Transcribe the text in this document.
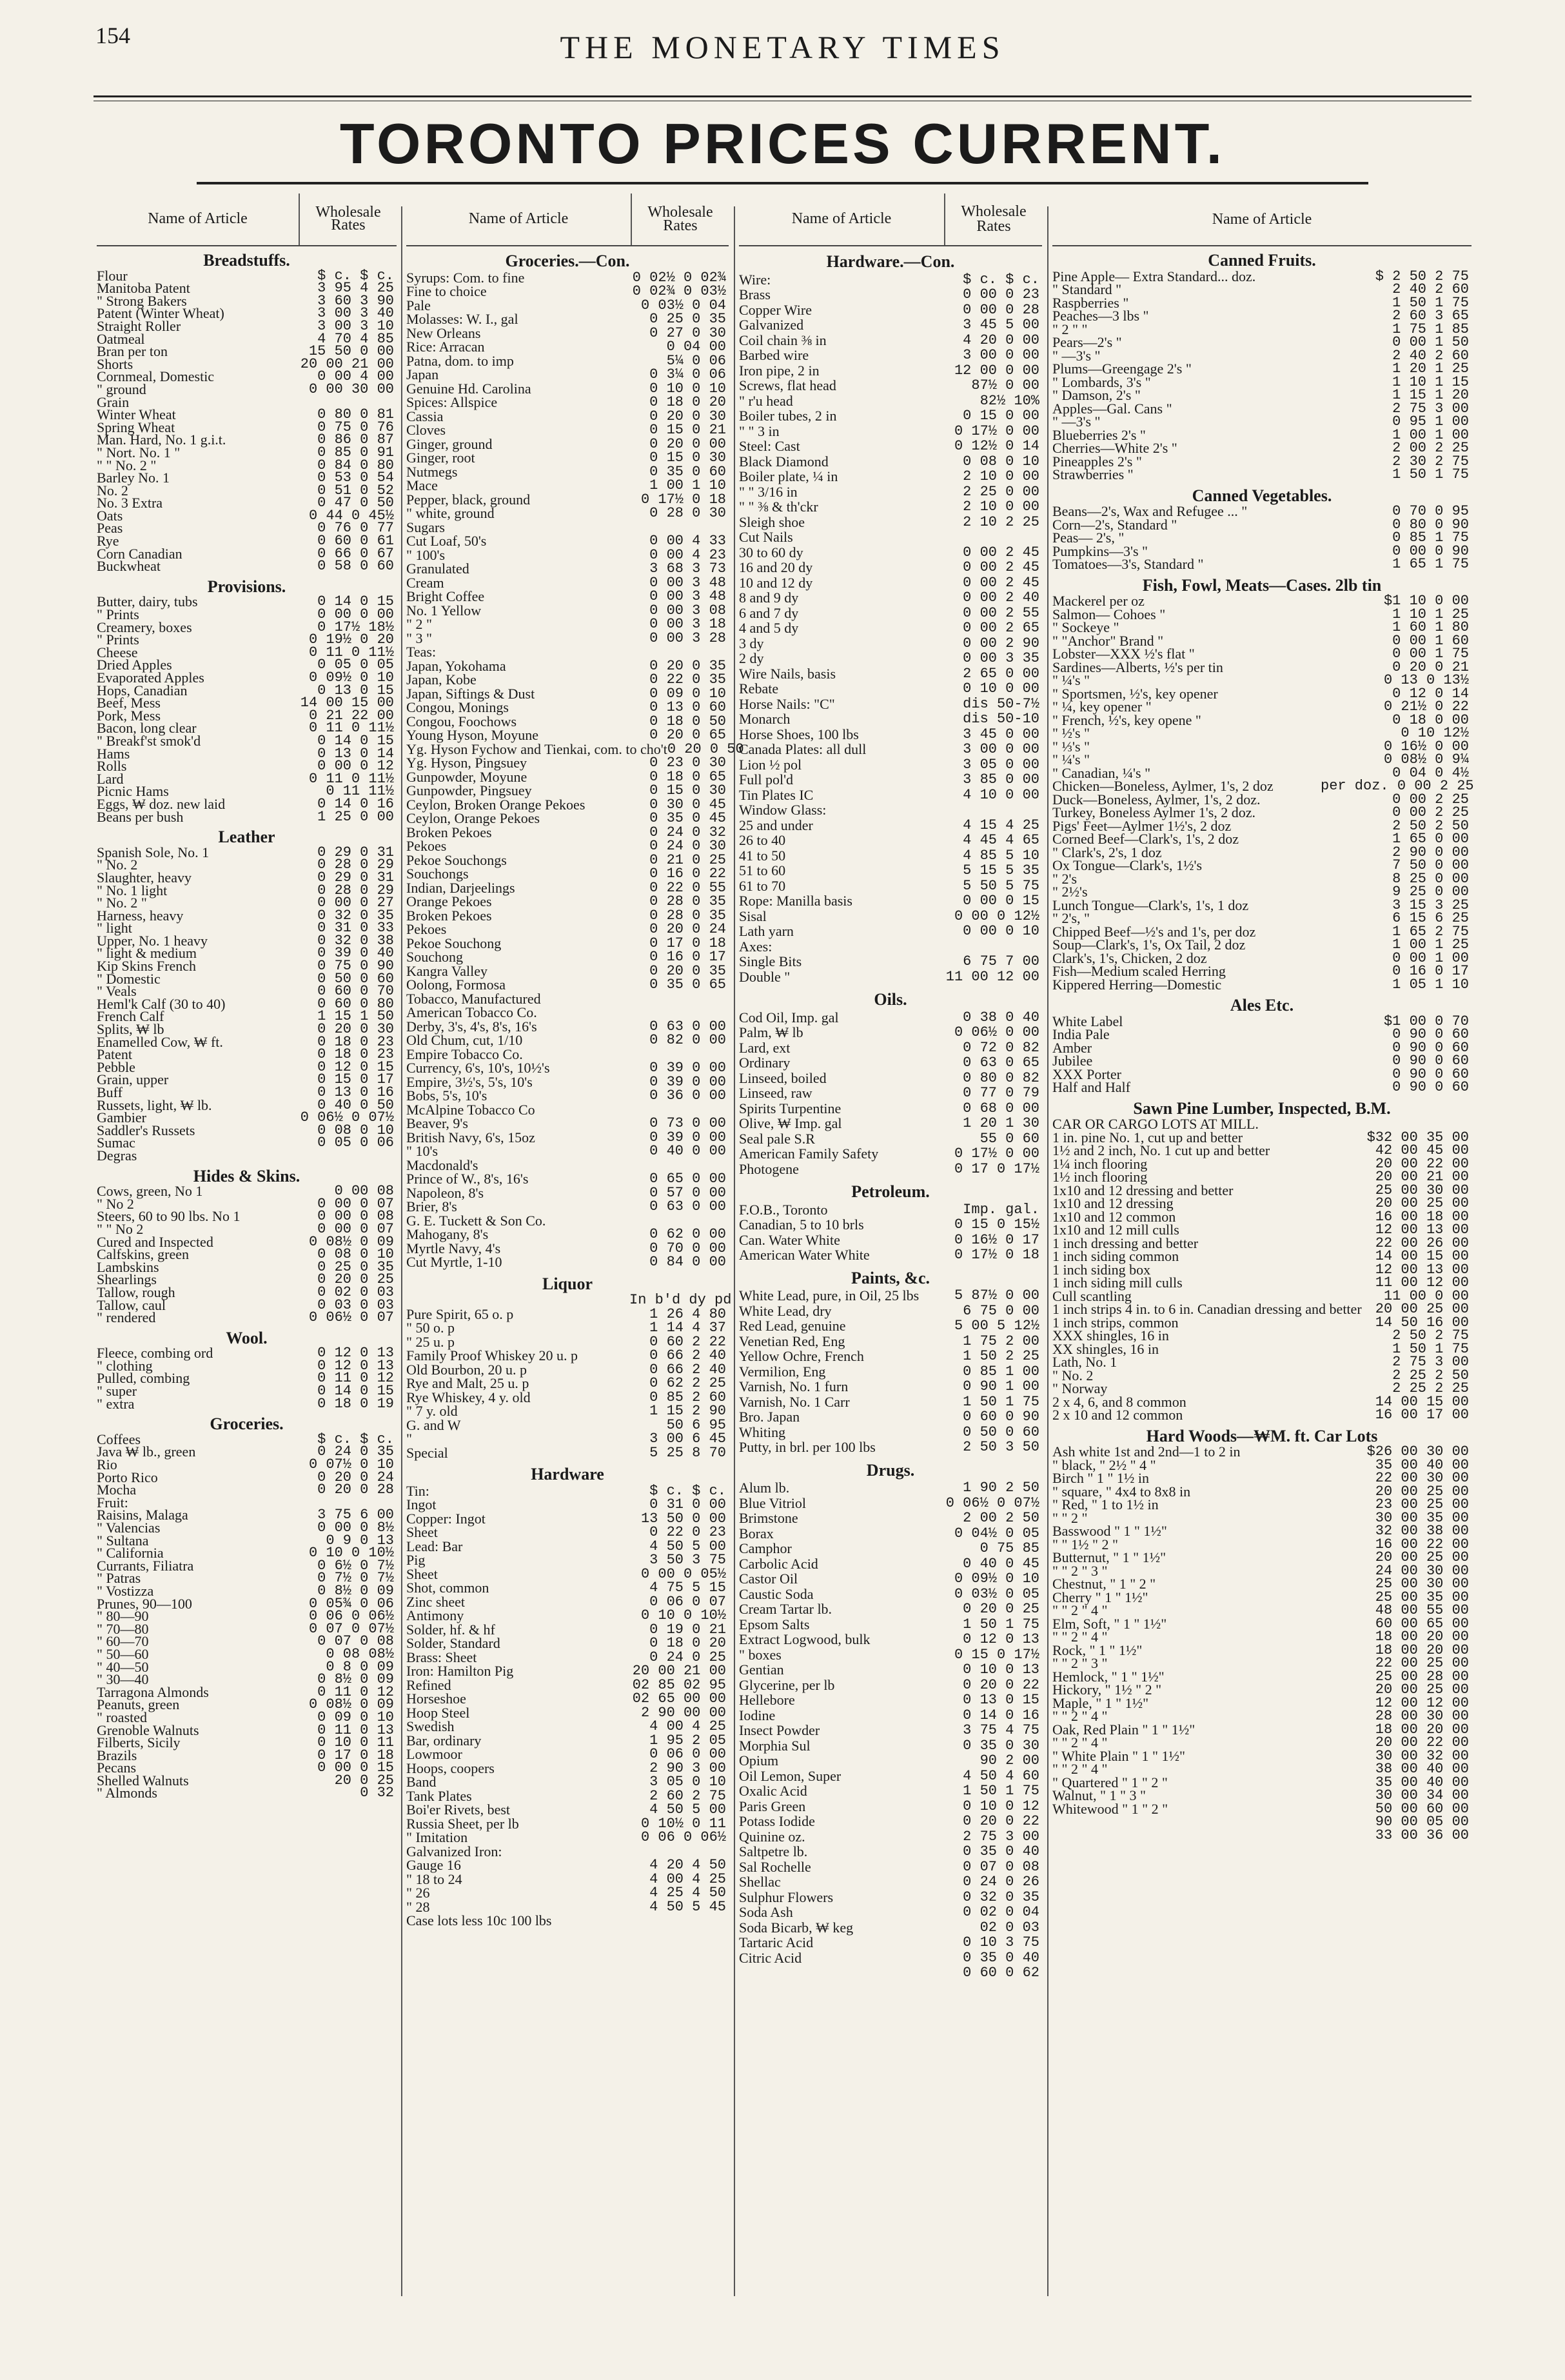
154	THE MONETARY TIMES
TORONTO PRICES CURRENT.
Name of Article	Wholesale Rates
Breadstuffs.
Flour	$ c. $ c.
Manitoba Patent	3 95 4 25
" Strong Bakers	3 60 3 90
Patent (Winter Wheat)	3 00 3 40
Straight Roller	3 00 3 10
Oatmeal	4 70 4 85
Bran per ton	15 50 0 00
Shorts	20 00 21 00
Cornmeal, Domestic	0 00 4 00
" ground	0 00 30 00
Grain
Winter Wheat	0 80 0 81
Spring Wheat	0 75 0 76
Man. Hard, No. 1 g.i.t.	0 86 0 87
" Nort. No. 1 "	0 85 0 91
" " No. 2 "	0 84 0 80
Barley No. 1	0 53 0 54
No. 2	0 51 0 52
No. 3 Extra	0 47 0 50
Oats	0 44 0 45½
Peas	0 76 0 77
Rye	0 60 0 61
Corn Canadian	0 66 0 67
Buckwheat	0 58 0 60
Provisions.
Butter, dairy, tubs	0 14 0 15
" Prints	0 00 0 00
Creamery, boxes	0 17½ 18½
" Prints	0 19½ 0 20
Cheese	0 11 0 11½
Dried Apples	0 05 0 05
Evaporated Apples	0 09½ 0 10
Hops, Canadian	0 13 0 15
Beef, Mess	14 00 15 00
Pork, Mess	0 21 22 00
Bacon, long clear	0 11 0 11½
" Breakf'st smok'd	0 14 0 15
Hams	0 13 0 14
Rolls	0 00 0 12
Lard	0 11 0 11½
Picnic Hams	0 11 11½
Eggs, ₩ doz. new laid	0 14 0 16
Beans per bush	1 25 0 00
Leather
Spanish Sole, No. 1	0 29 0 31
" No. 2	0 28 0 29
Slaughter, heavy	0 29 0 31
" No. 1 light	0 28 0 29
" No. 2 "	0 00 0 27
Harness, heavy	0 32 0 35
" light	0 31 0 33
Upper, No. 1 heavy	0 32 0 38
" light & medium	0 39 0 40
Kip Skins French	0 75 0 90
" Domestic	0 50 0 60
" Veals	0 60 0 70
Heml'k Calf (30 to 40)	0 60 0 80
French Calf	1 15 1 50
Splits, ₩ lb	0 20 0 30
Enamelled Cow, ₩ ft.	0 18 0 23
Patent	0 18 0 23
Pebble	0 12 0 15
Grain, upper	0 15 0 17
Buff	0 13 0 16
Russets, light, ₩ lb.	0 40 0 50
Gambier	0 06½ 0 07½
Saddler's Russets	0 08 0 10
Sumac	0 05 0 06
Degras
Hides & Skins.
Cows, green, No 1	0 00 08
" No 2	0 00 0 07
Steers, 60 to 90 lbs. No 1	0 00 0 08
" " No 2	0 00 0 07
Cured and Inspected	0 08½ 0 09
Calfskins, green	0 08 0 10
Lambskins	0 25 0 35
Shearlings	0 20 0 25
Tallow, rough	0 02 0 03
Tallow, caul	0 03 0 03
" rendered	0 06½ 0 07
Wool.
Fleece, combing ord	0 12 0 13
" clothing	0 12 0 13
Pulled, combing	0 11 0 12
" super	0 14 0 15
" extra	0 18 0 19
Groceries.
Coffees	$ c. $ c.
Java ₩ lb., green	0 24 0 35
Rio	0 07½ 0 10
Porto Rico	0 20 0 24
Mocha	0 20 0 28
Fruit:
Raisins, Malaga	3 75 6 00
" Valencias	0 00 0 8½
" Sultana	0 9 0 13
" California	0 10 0 10½
Currants, Filiatra	0 6½ 0 7½
" Patras	0 7½ 0 7½
" Vostizza	0 8½ 0 09
Prunes, 90—100	0 05¾ 0 06
" 80—90	0 06 0 06½
" 70—80	0 07 0 07½
" 60—70	0 07 0 08
" 50—60	0 08 08½
" 40—50	0 8 0 09
" 30—40	0 8½ 0 09
Tarragona Almonds	0 11 0 12
Peanuts, green	0 08½ 0 09
" roasted	0 09 0 10
Grenoble Walnuts	0 11 0 13
Filberts, Sicily	0 10 0 11
Brazils	0 17 0 18
Pecans	0 00 0 15
Shelled Walnuts	20 0 25
" Almonds	0 32
Name of Article	Wholesale Rates
Groceries.—Con.
Syrups: Com. to fine	0 02½ 0 02¾
Fine to choice	0 02¾ 0 03½
Pale	0 03½ 0 04
Molasses: W. I., gal	0 25 0 35
New Orleans	0 27 0 30
Rice: Arracan	0 04 00
Patna, dom. to imp	5¼ 0 06
Japan	0 3¼ 0 06
Genuine Hd. Carolina	0 10 0 10
Spices: Allspice	0 18 0 20
Cassia	0 20 0 30
Cloves	0 15 0 21
Ginger, ground	0 20 0 00
Ginger, root	0 15 0 30
Nutmegs	0 35 0 60
Mace	1 00 1 10
Pepper, black, ground	0 17½ 0 18
" white, ground	0 28 0 30
Sugars
Cut Loaf, 50's	0 00 4 33
" 100's	0 00 4 23
Granulated	3 68 3 73
Cream	0 00 3 48
Bright Coffee	0 00 3 48
No. 1 Yellow	0 00 3 08
" 2 "	0 00 3 18
" 3 "	0 00 3 28
Teas:
Japan, Yokohama	0 20 0 35
Japan, Kobe	0 22 0 35
Japan, Siftings & Dust	0 09 0 10
Congou, Monings	0 13 0 60
Congou, Foochows	0 18 0 50
Young Hyson, Moyune	0 20 0 65
Yg. Hyson Fychow and Tienkai, com. to cho't 0 20 0 50
Yg. Hyson, Pingsuey	0 23 0 30
Gunpowder, Moyune	0 18 0 65
Gunpowder, Pingsuey	0 15 0 30
Ceylon, Broken Orange Pekoes	0 30 0 45
Ceylon, Orange Pekoes	0 35 0 45
Broken Pekoes	0 24 0 32
Pekoes	0 24 0 30
Pekoe Souchongs	0 21 0 25
Souchongs	0 16 0 22
Indian, Darjeelings	0 22 0 55
Orange Pekoes	0 28 0 35
Broken Pekoes	0 28 0 35
Pekoes	0 20 0 24
Pekoe Souchong	0 17 0 18
Souchong	0 16 0 17
Kangra Valley	0 20 0 35
Oolong, Formosa	0 35 0 65
Tobacco, Manufactured
American Tobacco Co.
Derby, 3's, 4's, 8's, 16's	0 63 0 00
Old Chum, cut, 1/10	0 82 0 00
Empire Tobacco Co.
Currency, 6's, 10's, 10½'s	0 39 0 00
Empire, 3½'s, 5's, 10's	0 39 0 00
Bobs, 5's, 10's	0 36 0 00
McAlpine Tobacco Co
Beaver, 9's	0 73 0 00
British Navy, 6's, 15oz	0 39 0 00
" 10's	0 40 0 00
Macdonald's
Prince of W., 8's, 16's	0 65 0 00
Napoleon, 8's	0 57 0 00
Brier, 8's	0 63 0 00
G. E. Tuckett & Son Co.
Mahogany, 8's	0 62 0 00
Myrtle Navy, 4's	0 70 0 00
Cut Myrtle, 1-10	0 84 0 00
Liquor
In b'd dy pd
Pure Spirit, 65 o. p	1 26 4 80
" 50 o. p	1 14 4 37
" 25 u. p	0 60 2 22
Family Proof Whiskey 20 u. p	0 66 2 40
Old Bourbon, 20 u. p	0 66 2 40
Rye and Malt, 25 u. p	0 62 2 25
Rye Whiskey, 4 y. old	0 85 2 60
" 7 y. old	1 15 2 90
G. and W	50 6 95
"	3 00 6 45
Special	5 25 8 70
Hardware
Tin:	$ c. $ c.
Ingot	0 31 0 00
Copper: Ingot	13 50 0 00
Sheet	0 22 0 23
Lead: Bar	4 50 5 00
Pig	3 50 3 75
Sheet	0 00 0 05½
Shot, common	4 75 5 15
Zinc sheet	0 06 0 07
Antimony	0 10 0 10½
Solder, hf. & hf	0 19 0 21
Solder, Standard	0 18 0 20
Brass: Sheet	0 24 0 25
Iron: Hamilton Pig	20 00 21 00
Refined	02 85 02 95
Horseshoe	02 65 00 00
Hoop Steel	2 90 00 00
Swedish	4 00 4 25
Bar, ordinary	1 95 2 05
Lowmoor	0 06 0 00
Hoops, coopers	2 90 3 00
Band	3 05 0 10
Tank Plates	2 60 2 75
Boi'er Rivets, best	4 50 5 00
Russia Sheet, per lb	0 10½ 0 11
" Imitation	0 06 0 06½
Galvanized Iron:
Gauge 16	4 20 4 50
" 18 to 24	4 00 4 25
" 26	4 25 4 50
" 28	4 50 5 45
Case lots less 10c 100 lbs
Name of Article	Wholesale Rates
Hardware.—Con.
Wire:	$ c. $ c.
Brass	0 00 0 23
Copper Wire	0 00 0 28
Galvanized	3 45 5 00
Coil chain ⅜ in	4 20 0 00
Barbed wire	3 00 0 00
Iron pipe, 2 in	12 00 0 00
Screws, flat head	87½ 0 00
" r'u head	82½ 10%
Boiler tubes, 2 in	0 15 0 00
" " 3 in	0 17½ 0 00
Steel: Cast	0 12½ 0 14
Black Diamond	0 08 0 10
Boiler plate, ¼ in	2 10 0 00
" " 3/16 in	2 25 0 00
" " ⅜ & th'ckr	2 10 0 00
Sleigh shoe	2 10 2 25
Cut Nails
30 to 60 dy	0 00 2 45
16 and 20 dy	0 00 2 45
10 and 12 dy	0 00 2 45
8 and 9 dy	0 00 2 40
6 and 7 dy	0 00 2 55
4 and 5 dy	0 00 2 65
3 dy	0 00 2 90
2 dy	0 00 3 35
Wire Nails, basis	2 65 0 00
Rebate	0 10 0 00
Horse Nails: "C"	dis 50-7½
Monarch	dis 50-10
Horse Shoes, 100 lbs	3 45 0 00
Canada Plates: all dull	3 00 0 00
Lion ½ pol	3 05 0 00
Full pol'd	3 85 0 00
Tin Plates IC	4 10 0 00
Window Glass:
25 and under	4 15 4 25
26 to 40	4 45 4 65
41 to 50	4 85 5 10
51 to 60	5 15 5 35
61 to 70	5 50 5 75
Rope: Manilla basis	0 00 0 15
Sisal	0 00 0 12½
Lath yarn	0 00 0 10
Axes:
Single Bits	6 75 7 00
Double "	11 00 12 00
Oils.
Cod Oil, Imp. gal	0 38 0 40
Palm, ₩ lb	0 06½ 0 00
Lard, ext	0 72 0 82
Ordinary	0 63 0 65
Linseed, boiled	0 80 0 82
Linseed, raw	0 77 0 79
Spirits Turpentine	0 68 0 00
Olive, ₩ Imp. gal	1 20 1 30
Seal pale S.R	55 0 60
American Family Safety	0 17½ 0 00
Photogene	0 17 0 17½
Petroleum.
F.O.B., Toronto	Imp. gal.
Canadian, 5 to 10 brls	0 15 0 15½
Can. Water White	0 16½ 0 17
American Water White	0 17½ 0 18
Paints, &c.
White Lead, pure, in Oil, 25 lbs	5 87½ 0 00
White Lead, dry	6 75 0 00
Red Lead, genuine	5 00 5 12½
Venetian Red, Eng	1 75 2 00
Yellow Ochre, French	1 50 2 25
Vermilion, Eng	0 85 1 00
Varnish, No. 1 furn	0 90 1 00
Varnish, No. 1 Carr	1 50 1 75
Bro. Japan	0 60 0 90
Whiting	0 50 0 60
Putty, in brl. per 100 lbs	2 50 3 50
Drugs.
Alum lb.	1 90 2 50
Blue Vitriol	0 06½ 0 07½
Brimstone	2 00 2 50
Borax	0 04½ 0 05
Camphor	0 75 85
Carbolic Acid	0 40 0 45
Castor Oil	0 09½ 0 10
Caustic Soda	0 03½ 0 05
Cream Tartar lb.	0 20 0 25
Epsom Salts	1 50 1 75
Extract Logwood, bulk	0 12 0 13
" boxes	0 15 0 17½
Gentian	0 10 0 13
Glycerine, per lb	0 20 0 22
Hellebore	0 13 0 15
Iodine	0 14 0 16
Insect Powder	3 75 4 75
Morphia Sul	0 35 0 30
Opium	90 2 00
Oil Lemon, Super	4 50 4 60
Oxalic Acid	1 50 1 75
Paris Green	0 10 0 12
Potass Iodide	0 20 0 22
Quinine oz.	2 75 3 00
Saltpetre lb.	0 35 0 40
Sal Rochelle	0 07 0 08
Shellac	0 24 0 26
Sulphur Flowers	0 32 0 35
Soda Ash	0 02 0 04
Soda Bicarb, ₩ keg	02 0 03
Tartaric Acid	0 10 3 75
Citric Acid	0 35 0 40
0 60 0 62
Name of Article
Canned Fruits.
Pine Apple— Extra Standard... doz.	$ 2 50 2 75
" Standard "	2 40 2 60
Raspberries "	1 50 1 75
Peaches—3 lbs "	2 60 3 65
" 2 " "	1 75 1 85
Pears—2's "	0 00 1 50
" —3's "	2 40 2 60
Plums—Greengage 2's "	1 20 1 25
" Lombards, 3's "	1 10 1 15
" Damson, 2's "	1 15 1 20
Apples—Gal. Cans "	2 75 3 00
" —3's "	0 95 1 00
Blueberries 2's "	1 00 1 00
Cherries—White 2's "	2 00 2 25
Pineapples 2's "	2 30 2 75
Strawberries "	1 50 1 75
Canned Vegetables.
Beans—2's, Wax and Refugee ... "	0 70 0 95
Corn—2's, Standard "	0 80 0 90
Peas— 2's, "	0 85 1 75
Pumpkins—3's "	0 00 0 90
Tomatoes—3's, Standard "	1 65 1 75
Fish, Fowl, Meats—Cases. 2lb tin
Mackerel per oz	$1 10 0 00
Salmon— Cohoes "	1 10 1 25
" Sockeye "	1 60 1 80
" "Anchor" Brand "	0 00 1 60
Lobster—XXX ½'s flat "	0 00 1 75
Sardines—Alberts, ½'s per tin	0 20 0 21
" ¼'s "	0 13 0 13½
" Sportsmen, ½'s, key opener	0 12 0 14
" ¼, key opener "	0 21½ 0 22
" French, ½'s, key opene "	0 18 0 00
" ½'s "	0 10 12½
" ⅓'s "	0 16½ 0 00
" ¼'s "	0 08½ 0 9¼
" Canadian, ¼'s "	0 04 0 4½
Chicken—Boneless, Aylmer, 1's, 2 doz	per doz. 0 00 2 25
Duck—Boneless, Aylmer, 1's, 2 doz.	0 00 2 25
Turkey, Boneless Aylmer 1's, 2 doz.	0 00 2 25
Pigs' Feet—Aylmer 1½'s, 2 doz	2 50 2 50
Corned Beef—Clark's, 1's, 2 doz	1 65 0 00
" Clark's, 2's, 1 doz	2 90 0 00
Ox Tongue—Clark's, 1½'s	7 50 0 00
" 2's	8 25 0 00
" 2½'s	9 25 0 00
Lunch Tongue—Clark's, 1's, 1 doz	3 15 3 25
" 2's, "	6 15 6 25
Chipped Beef—½'s and 1's, per doz	1 65 2 75
Soup—Clark's, 1's, Ox Tail, 2 doz	1 00 1 25
Clark's, 1's, Chicken, 2 doz	0 00 1 00
Fish—Medium scaled Herring	0 16 0 17
Kippered Herring—Domestic	1 05 1 10
Ales Etc.
White Label	$1 00 0 70
India Pale	0 90 0 60
Amber	0 90 0 60
Jubilee	0 90 0 60
XXX Porter	0 90 0 60
Half and Half	0 90 0 60
Sawn Pine Lumber, Inspected, B.M.
CAR OR CARGO LOTS AT MILL.
1 in. pine No. 1, cut up and better	$32 00 35 00
1½ and 2 inch, No. 1 cut up and better	42 00 45 00
1¼ inch flooring	20 00 22 00
1½ inch flooring	20 00 21 00
1x10 and 12 dressing and better	25 00 30 00
1x10 and 12 dressing	20 00 25 00
1x10 and 12 common	16 00 18 00
1x10 and 12 mill culls	12 00 13 00
1 inch dressing and better	22 00 26 00
1 inch siding common	14 00 15 00
1 inch siding box	12 00 13 00
1 inch siding mill culls	11 00 12 00
Cull scantling	11 00 0 00
1 inch strips 4 in. to 6 in. Canadian dressing and better 20 00 25 00
1 inch strips, common	14 50 16 00
XXX shingles, 16 in	2 50 2 75
XX shingles, 16 in	1 50 1 75
Lath, No. 1	2 75 3 00
" No. 2	2 25 2 50
" Norway	2 25 2 25
2 x 4, 6, and 8 common	14 00 15 00
2 x 10 and 12 common	16 00 17 00
Hard Woods—₩M. ft. Car Lots
Ash white 1st and 2nd—1 to 2 in	$26 00 30 00
" black, " 2½ " 4 "	35 00 40 00
Birch " 1 " 1½ in	22 00 30 00
" square, " 4x4 to 8x8 in	20 00 25 00
" Red, " 1 to 1½ in	23 00 25 00
" " 2 "	30 00 35 00
Basswood " 1 " 1½"	32 00 38 00
" " 1½ " 2 "	16 00 22 00
Butternut, " 1 " 1½"	20 00 25 00
" " 2 " 3 "	24 00 30 00
Chestnut, " 1 " 2 "	25 00 30 00
Cherry " 1 " 1½"	25 00 35 00
" " 2 " 4 "	48 00 55 00
Elm, Soft, " 1 " 1½"	60 00 65 00
" " 2 " 4 "	18 00 20 00
Rock, " 1 " 1½"	18 00 20 00
" " 2 " 3 "	22 00 25 00
Hemlock, " 1 " 1½"	25 00 28 00
Hickory, " 1½ " 2 "	20 00 25 00
Maple, " 1 " 1½"	12 00 12 00
" " 2 " 4 "	28 00 30 00
Oak, Red Plain " 1 " 1½"	18 00 20 00
" " 2 " 4 "	20 00 22 00
" White Plain " 1 " 1½"	30 00 32 00
" " 2 " 4 "	38 00 40 00
" Quartered " 1 " 2 "	35 00 40 00
Walnut, " 1 " 3 "	30 00 34 00
Whitewood " 1 " 2 "	50 00 60 00
90 00 05 00
33 00 36 00
